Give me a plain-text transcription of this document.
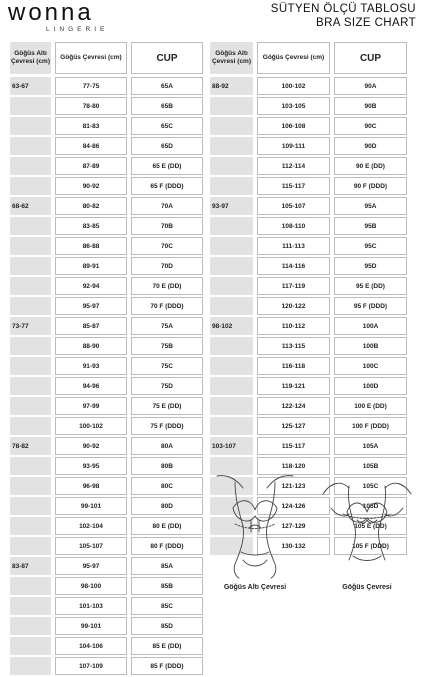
wonna
LINGERIE
SÜTYEN ÖLÇÜ TABLOSU
BRA SIZE CHART
Göğüs Altı Çevresi (cm)
Göğüs Çevresi (cm)	CUP
63-67	77-75	65A
78-80	65B
81-83	65C
84-86	65D
87-89	65 E (DD)
90-92	65 F (DDD)
68-62	80-82	70A
83-85	70B
86-88	70C
89-91	70D
92-94	70 E (DD)
95-97	70 F (DDD)
73-77	85-87	75A
88-90	75B
91-93	75C
94-96	75D
97-99	75 E (DD)
100-102	75 F (DDD)
78-82	90-92	80A
93-95	80B
96-98	80C
99-101	80D
102-104	80 E (DD)
105-107	80 F (DDD)
83-87	95-97	85A
98-100	85B
101-103	85C
99-101	85D
104-106	85 E (DD)
107-109	85 F (DDD)
Göğüs Altı Çevresi (cm)
Göğüs Çevresi (cm)	CUP
88-92	100-102	90A
103-105	90B
106-108	90C
109-111	90D
112-114	90 E (DD)
115-117	90 F (DDD)
93-97	105-107	95A
108-110	95B
111-113	95C
114-116	95D
117-119	95 E (DD)
120-122	95 F (DDD)
98-102	110-112	100A
113-115	100B
116-118	100C
119-121	100D
122-124	100 E (DD)
125-127	100 F (DDD)
103-107	115-117	105A
118-120	105B
121-123	105C
124-126	105D
127-129	105 E (DD)
130-132	105 F (DDD)
Göğüs Altı Çevresi	Göğüs Çevresi
